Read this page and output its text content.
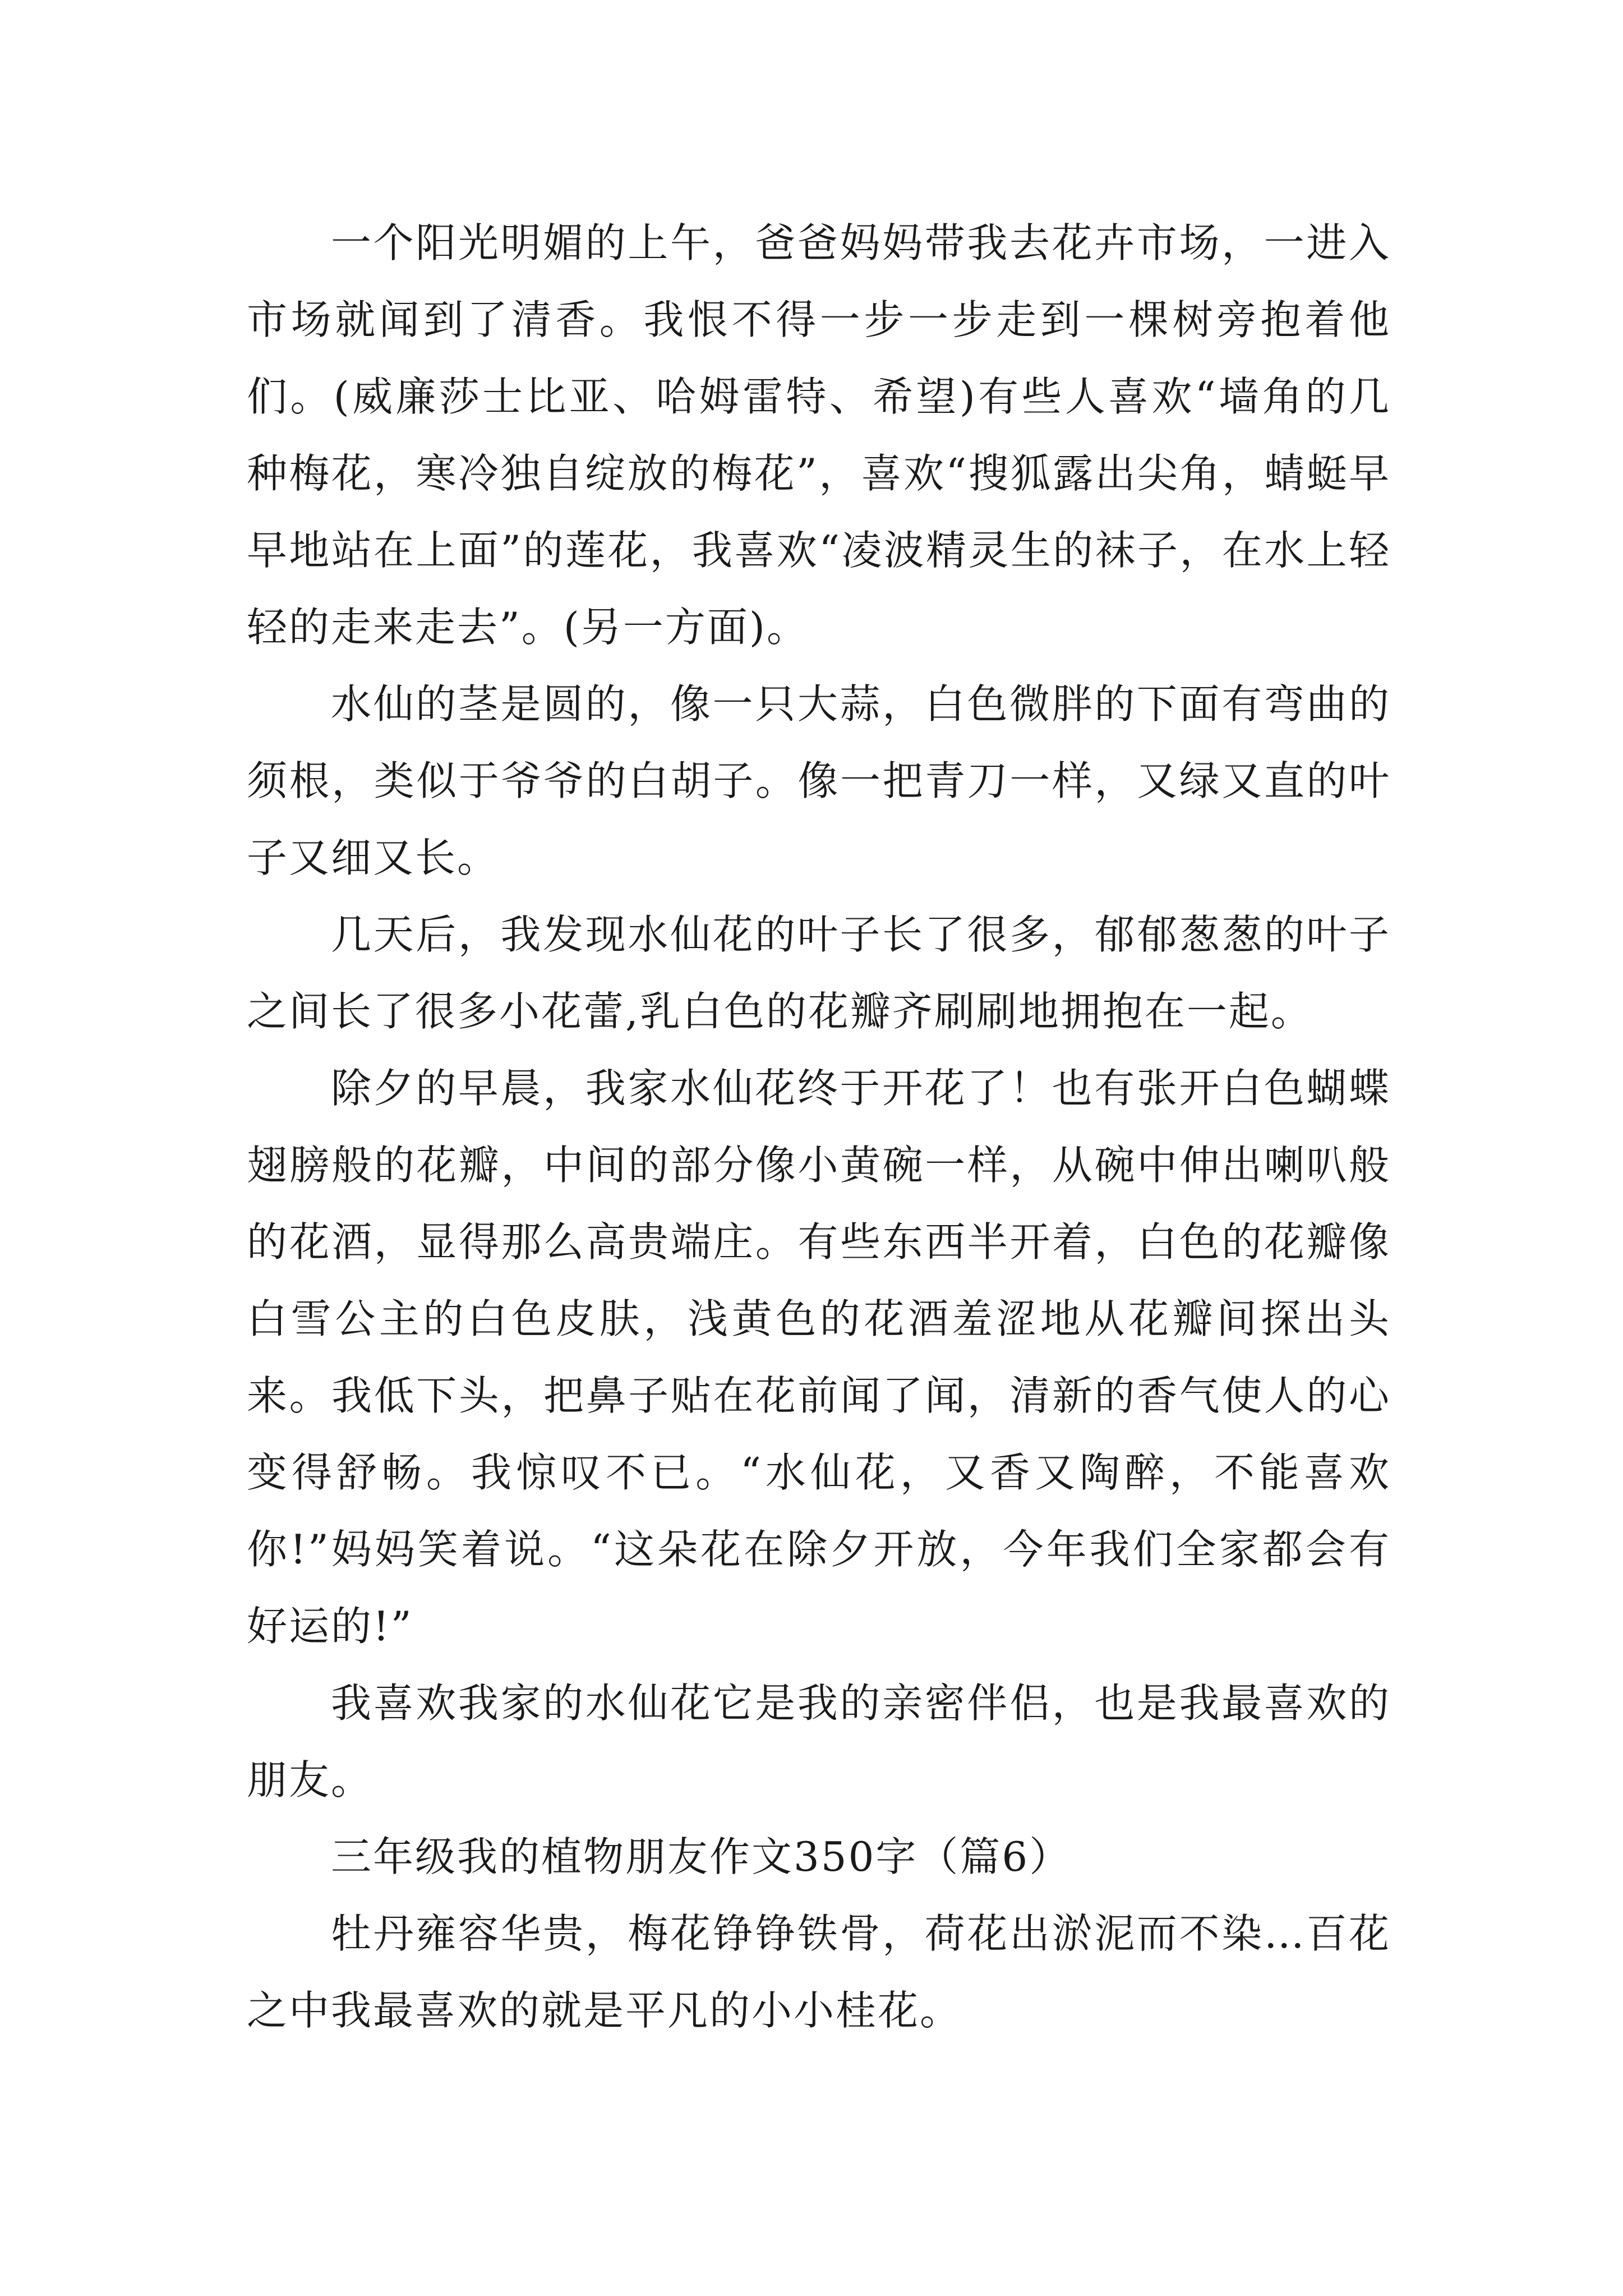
一个阳光明媚的上午，爸爸妈妈带我去花卉市场，一进入市场就闻到了清香。我恨不得一步一步走到一棵树旁抱着他们。(威廉莎士比亚、哈姆雷特、希望)有些人喜欢“墙角的几种梅花，寒冷独自绽放的梅花”，喜欢“搜狐露出尖角，蜻蜓早早地站在上面”的莲花，我喜欢“凌波精灵生的袜子，在水上轻轻的走来走去”。(另一方面)。

水仙的茎是圆的，像一只大蒜，白色微胖的下面有弯曲的须根，类似于爷爷的白胡子。像一把青刀一样，又绿又直的叶子又细又长。

几天后，我发现水仙花的叶子长了很多，郁郁葱葱的叶子之间长了很多小花蕾,乳白色的花瓣齐刷刷地拥抱在一起。

除夕的早晨，我家水仙花终于开花了！也有张开白色蝴蝶翅膀般的花瓣，中间的部分像小黄碗一样，从碗中伸出喇叭般的花酒，显得那么高贵端庄。有些东西半开着，白色的花瓣像白雪公主的白色皮肤，浅黄色的花酒羞涩地从花瓣间探出头来。我低下头，把鼻子贴在花前闻了闻，清新的香气使人的心变得舒畅。我惊叹不已。“水仙花，又香又陶醉，不能喜欢你!”妈妈笑着说。“这朵花在除夕开放，今年我们全家都会有好运的!”

我喜欢我家的水仙花它是我的亲密伴侣，也是我最喜欢的朋友。

三年级我的植物朋友作文350字（篇6）

牡丹雍容华贵，梅花铮铮铁骨，荷花出淤泥而不染…百花之中我最喜欢的就是平凡的小小桂花。
